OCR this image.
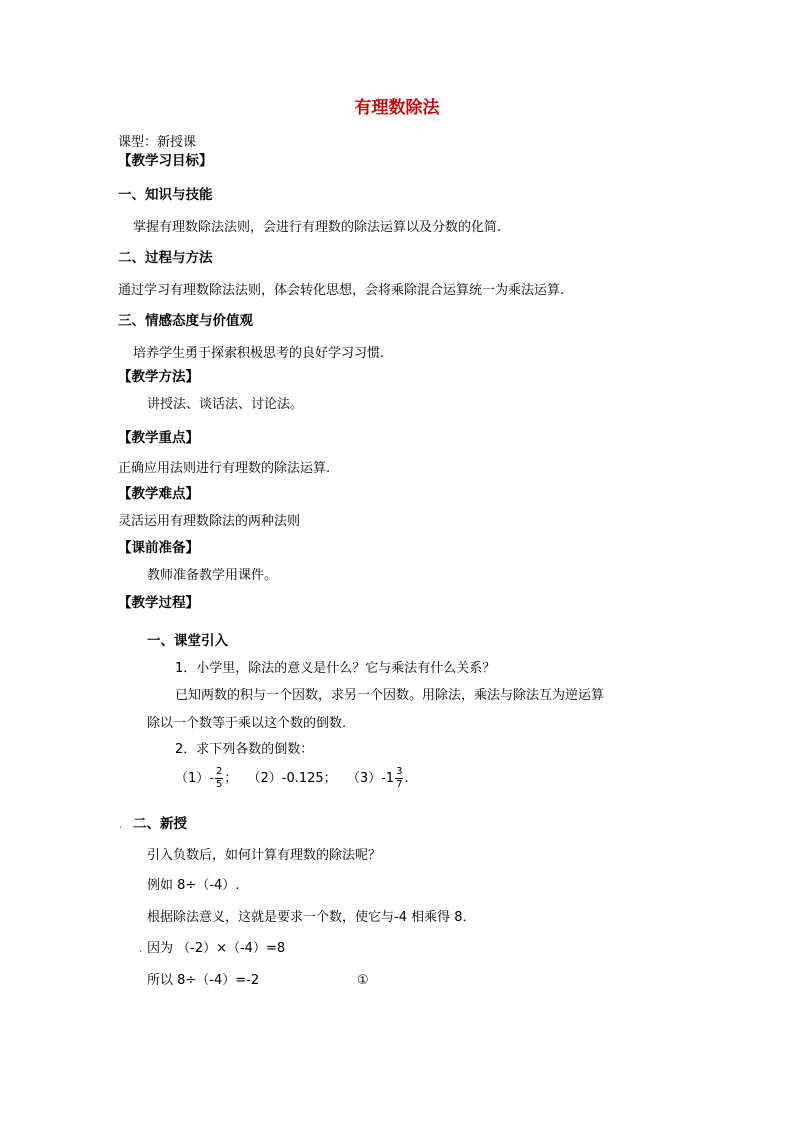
有理数除法
课型：新授课
【教学习目标】
一、知识与技能
掌握有理数除法法则，会进行有理数的除法运算以及分数的化简.
二、过程与方法
通过学习有理数除法法则，体会转化思想，会将乘除混合运算统一为乘法运算.
三、情感态度与价值观
培养学生勇于探索积极思考的良好学习习惯.
【教学方法】
讲授法、谈话法、讨论法。
【教学重点】
正确应用法则进行有理数的除法运算.
【教学难点】
灵活运用有理数除法的两种法则
【课前准备】
教师准备教学用课件。
【教学过程】
一、课堂引入
1．小学里，除法的意义是什么？它与乘法有什么关系？
已知两数的积与一个因数，求另一个因数。用除法，乘法与除法互为逆运算
除以一个数等于乘以这个数的倒数.
2．求下列各数的倒数：
$(1)- \frac{2}{5}$ ； （2）-0.125； $(3)-1 \frac{3}{7}$ .
. 二、新授
引入负数后，如何计算有理数的除法呢？
例如 8÷（-4）.
根据除法意义，这就是要求一个数，使它与-4 相乘得 8．
. 因为 （-2）×（-4）=8
所以 8÷（-4）=-2	①
